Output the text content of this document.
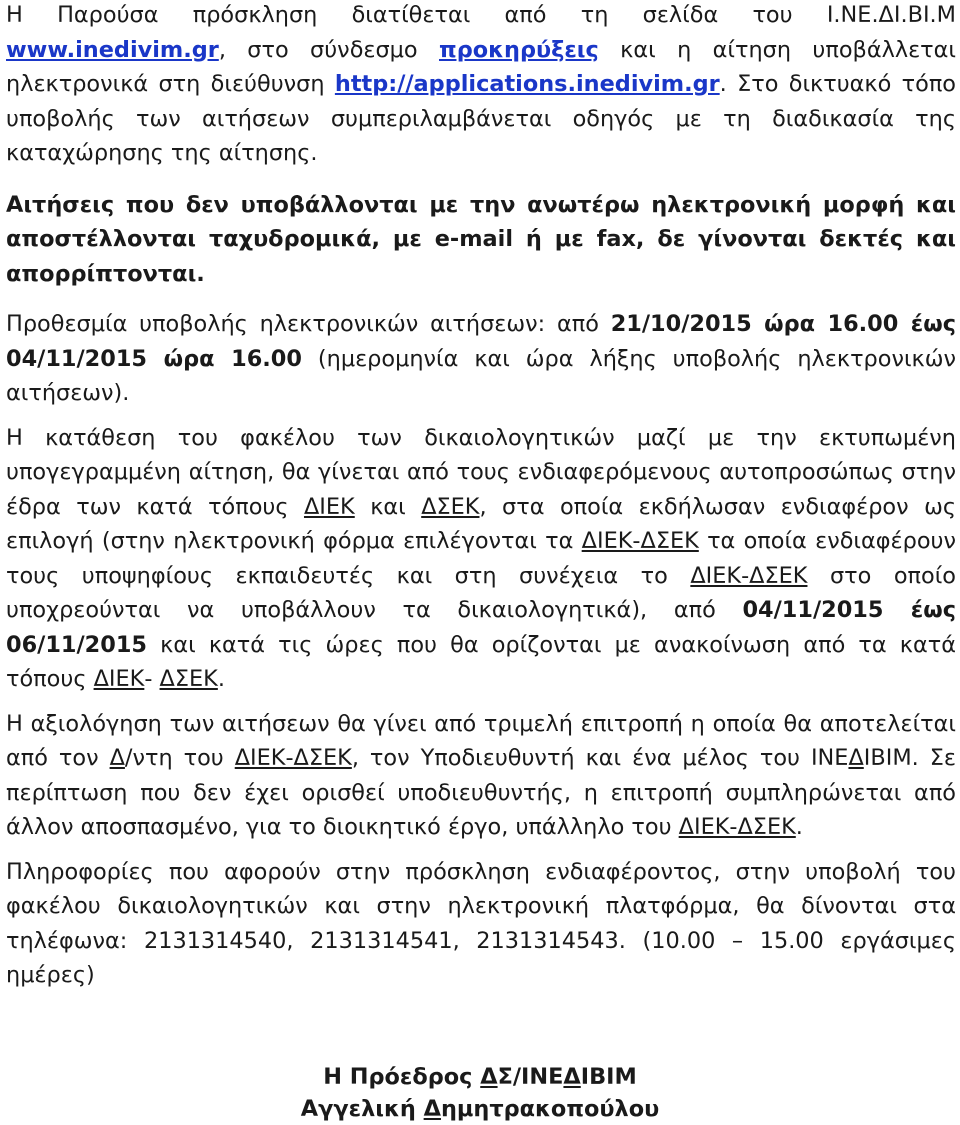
Η Παρούσα πρόσκληση διατίθεται από τη σελίδα του Ι.ΝΕ.ΔΙ.ΒΙ.Μ www.inedivim.gr, στο σύνδεσμο προκηρύξεις και η αίτηση υποβάλλεται ηλεκτρονικά στη διεύθυνση http://applications.inedivim.gr. Στο δικτυακό τόπο υποβολής των αιτήσεων συμπεριλαμβάνεται οδηγός με τη διαδικασία της καταχώρησης της αίτησης.

Αιτήσεις που δεν υποβάλλονται με την ανωτέρω ηλεκτρονική μορφή και αποστέλλονται ταχυδρομικά, με e-mail ή με fax, δε γίνονται δεκτές και απορρίπτονται.

Προθεσμία υποβολής ηλεκτρονικών αιτήσεων: από 21/10/2015 ώρα 16.00 έως 04/11/2015 ώρα 16.00 (ημερομηνία και ώρα λήξης υποβολής ηλεκτρονικών αιτήσεων).

Η κατάθεση του φακέλου των δικαιολογητικών μαζί με την εκτυπωμένη υπογεγραμμένη αίτηση, θα γίνεται από τους ενδιαφερόμενους αυτοπροσώπως στην έδρα των κατά τόπους ΔΙΕΚ και ΔΣΕΚ, στα οποία εκδήλωσαν ενδιαφέρον ως επιλογή (στην ηλεκτρονική φόρμα επιλέγονται τα ΔΙΕΚ-ΔΣΕΚ τα οποία ενδιαφέρουν τους υποψηφίους εκπαιδευτές και στη συνέχεια το ΔΙΕΚ-ΔΣΕΚ στο οποίο υποχρεούνται να υποβάλλουν τα δικαιολογητικά), από 04/11/2015 έως 06/11/2015 και κατά τις ώρες που θα ορίζονται με ανακοίνωση από τα κατά τόπους ΔΙΕΚ- ΔΣΕΚ.

Η αξιολόγηση των αιτήσεων θα γίνει από τριμελή επιτροπή η οποία θα αποτελείται από τον Δ/ντη του ΔΙΕΚ-ΔΣΕΚ, τον Υποδιευθυντή και ένα μέλος του ΙΝΕΔΙΒΙΜ. Σε περίπτωση που δεν έχει ορισθεί υποδιευθυντής, η επιτροπή συμπληρώνεται από άλλον αποσπασμένο, για το διοικητικό έργο, υπάλληλο του ΔΙΕΚ-ΔΣΕΚ.

Πληροφορίες που αφορούν στην πρόσκληση ενδιαφέροντος, στην υποβολή του φακέλου δικαιολογητικών και στην ηλεκτρονική πλατφόρμα, θα δίνονται στα τηλέφωνα: 2131314540, 2131314541, 2131314543. (10.00 – 15.00 εργάσιμες ημέρες)

Η Πρόεδρος ΔΣ/ΙΝΕΔΙΒΙΜ
Αγγελική Δημητρακοπούλου
